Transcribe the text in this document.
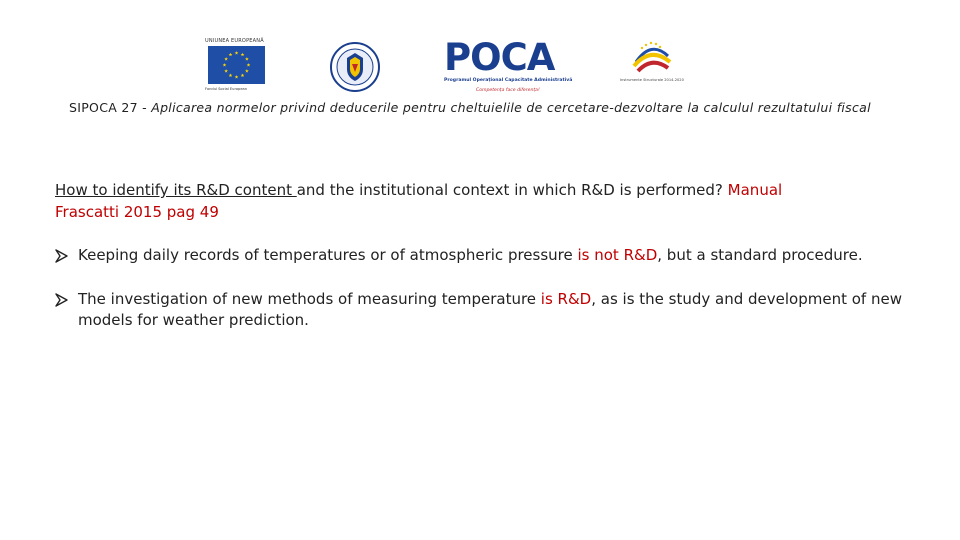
UNIUNEA EUROPEANĂ
Fondul Social European
POCA
Programul Operațional Capacitate Administrativă
Competența face diferența!
Instrumente Structurale 2014-2020
SIPOCA 27 - Aplicarea normelor privind deducerile pentru cheltuielile de cercetare-dezvoltare la calculul rezultatului fiscal

How to identify its R&D content and the institutional context in which R&D is performed? Manual
Frascatti 2015 pag 49

Keeping daily records of temperatures or of atmospheric pressure is not R&D, but a standard procedure.

The investigation of new methods of measuring temperature is R&D, as is the study and development of new models for weather prediction.
